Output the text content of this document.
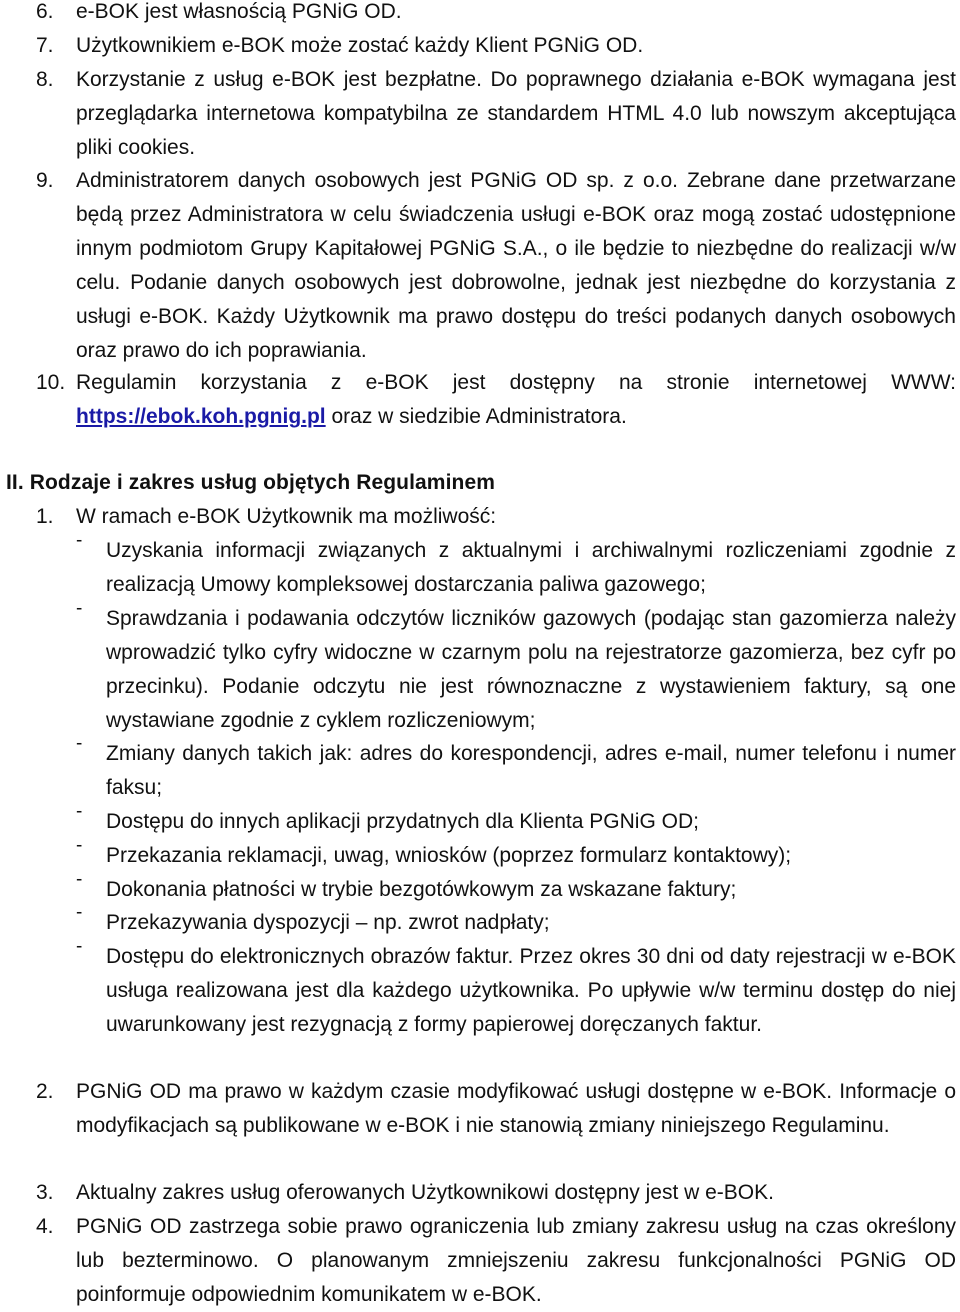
6.	e-BOK jest własnością PGNiG OD.
7.	Użytkownikiem e-BOK może zostać każdy Klient PGNiG OD.
8.	Korzystanie z usług e-BOK jest bezpłatne. Do poprawnego działania e-BOK wymagana jest przeglądarka internetowa kompatybilna ze standardem HTML 4.0 lub nowszym akceptująca pliki cookies.
9.	Administratorem danych osobowych jest PGNiG OD sp. z o.o. Zebrane dane przetwarzane będą przez Administratora w celu świadczenia usługi e-BOK oraz mogą zostać udostępnione innym podmiotom Grupy Kapitałowej PGNiG S.A., o ile będzie to niezbędne do realizacji w/w celu. Podanie danych osobowych jest dobrowolne, jednak jest niezbędne do korzystania z usługi e-BOK. Każdy Użytkownik ma prawo dostępu do treści podanych danych osobowych oraz prawo do ich poprawiania.
10. Regulamin korzystania z e-BOK jest dostępny na stronie internetowej WWW: https://ebok.koh.pgnig.pl oraz w siedzibie Administratora.
II. Rodzaje i zakres usług objętych Regulaminem
1.	W ramach e-BOK Użytkownik ma możliwość:
-	Uzyskania informacji związanych z aktualnymi i archiwalnymi rozliczeniami zgodnie z realizacją Umowy kompleksowej dostarczania paliwa gazowego;
-	Sprawdzania i podawania odczytów liczników gazowych (podając stan gazomierza należy wprowadzić tylko cyfry widoczne w czarnym polu na rejestratorze gazomierza, bez cyfr po przecinku). Podanie odczytu nie jest równoznaczne z wystawieniem faktury, są one wystawiane zgodnie z cyklem rozliczeniowym;
-	Zmiany danych takich jak: adres do korespondencji, adres e-mail, numer telefonu i numer faksu;
-	Dostępu do innych aplikacji przydatnych dla Klienta PGNiG OD;
-	Przekazania reklamacji, uwag, wniosków (poprzez formularz kontaktowy);
-	Dokonania płatności w trybie bezgotówkowym za wskazane faktury;
-	Przekazywania dyspozycji – np. zwrot nadpłaty;
-	Dostępu do elektronicznych obrazów faktur. Przez okres 30 dni od daty rejestracji w e-BOK usługa realizowana jest dla każdego użytkownika. Po upływie w/w terminu dostęp do niej uwarunkowany jest rezygnacją z formy papierowej doręczanych faktur.
2.	PGNiG OD ma prawo w każdym czasie modyfikować usługi dostępne w e-BOK. Informacje o modyfikacjach są publikowane w e-BOK i nie stanowią zmiany niniejszego Regulaminu.
3.	Aktualny zakres usług oferowanych Użytkownikowi dostępny jest w e-BOK.
4.	PGNiG OD zastrzega sobie prawo ograniczenia lub zmiany zakresu usług na czas określony lub bezterminowo. O planowanym zmniejszeniu zakresu funkcjonalności PGNiG OD poinformuje odpowiednim komunikatem w e-BOK.
